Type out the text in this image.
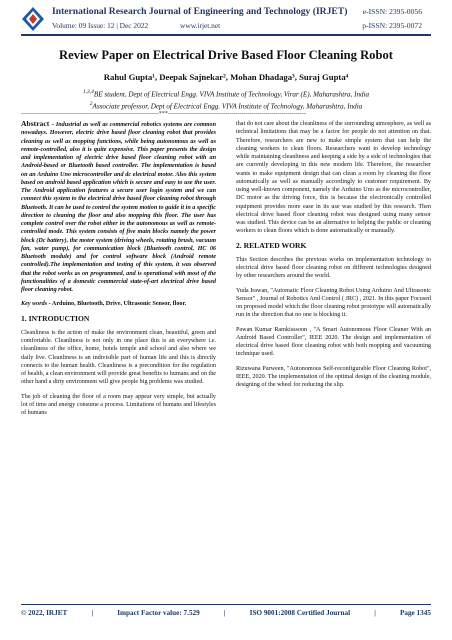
International Research Journal of Engineering and Technology (IRJET)
Volume: 09 Issue: 12 | Dec 2022	www.irjet.net
e-ISSN: 2395-0056
p-ISSN: 2395-0072
Review Paper on Electrical Drive Based Floor Cleaning Robot
Rahul Gupta¹, Deepak Sajnekar², Mohan Dhadaga³, Suraj Gupta⁴
$^{1,3,4}$BE student, Dept of Electrical Engg. VIVA Institute of Technology, Virar (E), Maharashtra, India
$^2$Associate professor, Dept of Electrical Engg. VIVA Institute of Technology, Maharashtra, India
---------------------------------------------------------------------***---------------------------------------------------------------------

Abstract - Industrial as well as commercial robotics systems are common nowadays. However, electric drive based floor cleaning robot that provides cleaning as well as mopping functions, while being autonomous as well as remote-controlled, also it is quite expensive. This paper presents the design and implementation of electric drive based floor cleaning robot with an Android-based or Bluetooth based controller. The implementation is based on an Arduino Uno microcontroller and dc electrical motor. Also this system based on android based application which is secure and easy to use the user. The Android application features a secure user login system and we can connect this system to the electrical drive based floor cleaning robot through Bluetooth. It can be used to control the system motion to guide it in a specific direction to cleaning the floor and also mopping this floor. The user has complete control over the robot either in the autonomous as well as remote-controlled mode. This system consists of five main blocks namely the power block (Dc battery), the motor system (driving wheels, rotating brush, vacuum fan, water pump), for communication block (Bluetooth control, HC 06 Bluetooth module) and for control software block (Android remote controlled).The implementation and testing of this system, it was observed that the robot works as on programmed, and is operational with most of the functionalities of a domestic commercial state-of-art electrical drive based floor cleaning robot.

Key words - Arduino, Bluetooth, Drive, Ultrasonic Sensor, floor.

1. INTRODUCTION

Cleanliness is the action of make the environment clean, beautiful, green and comfortable. Cleanliness is not only in one place this is an everywhere i.e. cleanliness of the office, home, hotels temple and school and also where we daily live. Cleanliness is an indivisible part of human life and this is directly connects to the human health. Cleanliness is a precondition for the regulation of health, a clean environment will provide great benefits to humans and on the other hand a dirty environment will give people big problems was studied.

The job of cleaning the floor of a room may appear very simple, but actually lot of time and energy consume a process. Limitations of humans and lifestyles of humans

that do not care about the cleanliness of the surrounding atmosphere, as well as technical limitations that may be a factor for people do not attention on that. Therefore, researchers are new to make simple system that can help the cleaning workers to clean floors. Researchers want to develop technology while maintaining cleanliness and keeping a side by a side of technologies that are currently developing in this new modern life. Therefore, the researcher wants to make equipment design that can clean a room by cleaning the floor automatically as well as manually accordingly to customer requirement. By using well-known component, namely the Arduino Uno as the microcontroller, DC motor as the driving force, this is because the electronically controlled equipment provides more ease in its use was studied by this research. Then electrical drive based floor cleaning robot was designed using many sensor was studied. This device can be an alternative to helping the public or cleaning workers to clean floors which is done automatically or manually.

2. RELATED WORK

This Section describes the previous works on implementation technology to electrical drive based floor cleaning robot on different technologies designed by other researchers around the world.

Yuda Irawan, "Automatic Floor Cleaning Robot Using Arduino And Ultrasonic Sensor" , Journal of Robotics And Control ( JRC) , 2021. In this paper Focused on proposed model which the floor cleaning robot prototype will automatically run in the direction that no one is blocking it.

Pawan Kumar Ramkisssoon , "A Smart Autonomous Floor Cleaner With an Android Based Controller", IEEE 2020. The design and implementation of electrical drive based floor cleaning robot with both mopping and vacuuming technique used.

Rizuwana Parween, "Autonomous Self-reconfigurable Floor Cleaning Robot", IEEE, 2020. The implementation of the optimal design of the cleaning module, designing of the wheel for reducing the slip.

© 2022, IRJET	|	Impact Factor value: 7.529	|	ISO 9001:2008 Certified Journal	|	Page 1345
